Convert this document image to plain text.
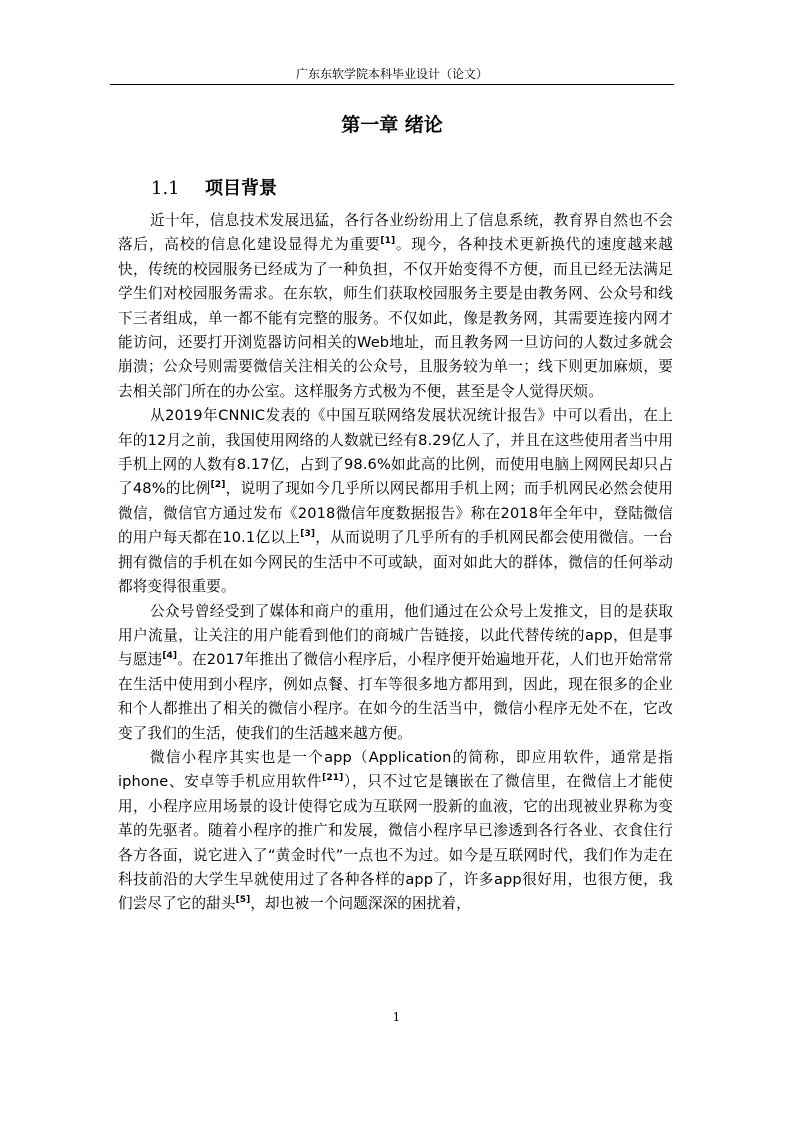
广东东软学院本科毕业设计（论文）
第一章 绪论
1.1 项目背景

近十年，信息技术发展迅猛，各行各业纷纷用上了信息系统，教育界自然也不会落后，高校的信息化建设显得尤为重要[1]。现今，各种技术更新换代的速度越来越快，传统的校园服务已经成为了一种负担，不仅开始变得不方便，而且已经无法满足学生们对校园服务需求。在东软，师生们获取校园服务主要是由教务网、公众号和线下三者组成，单一都不能有完整的服务。不仅如此，像是教务网，其需要连接内网才能访问，还要打开浏览器访问相关的Web地址，而且教务网一旦访问的人数过多就会崩溃；公众号则需要微信关注相关的公众号，且服务较为单一；线下则更加麻烦，要去相关部门所在的办公室。这样服务方式极为不便，甚至是令人觉得厌烦。

从2019年CNNIC发表的《中国互联网络发展状况统计报告》中可以看出，在上年的12月之前，我国使用网络的人数就已经有8.29亿人了，并且在这些使用者当中用手机上网的人数有8.17亿，占到了98.6%如此高的比例，而使用电脑上网网民却只占了48%的比例[2]，说明了现如今几乎所以网民都用手机上网；而手机网民必然会使用微信，微信官方通过发布《2018微信年度数据报告》称在2018年全年中，登陆微信的用户每天都在10.1亿以上[3]，从而说明了几乎所有的手机网民都会使用微信。一台拥有微信的手机在如今网民的生活中不可或缺，面对如此大的群体，微信的任何举动都将变得很重要。

公众号曾经受到了媒体和商户的重用，他们通过在公众号上发推文，目的是获取用户流量，让关注的用户能看到他们的商城广告链接，以此代替传统的app，但是事与愿违[4]。在2017年推出了微信小程序后，小程序便开始遍地开花，人们也开始常常在生活中使用到小程序，例如点餐、打车等很多地方都用到，因此，现在很多的企业和个人都推出了相关的微信小程序。在如今的生活当中，微信小程序无处不在，它改变了我们的生活，使我们的生活越来越方便。

微信小程序其实也是一个app（Application的简称，即应用软件，通常是指iphone、安卓等手机应用软件[21]），只不过它是镶嵌在了微信里，在微信上才能使用，小程序应用场景的设计使得它成为互联网一股新的血液，它的出现被业界称为变革的先驱者。随着小程序的推广和发展，微信小程序早已渗透到各行各业、衣食住行各方各面，说它进入了“黄金时代”一点也不为过。如今是互联网时代，我们作为走在科技前沿的大学生早就使用过了各种各样的app了，许多app很好用，也很方便，我们尝尽了它的甜头[5]，却也被一个问题深深的困扰着，

1
